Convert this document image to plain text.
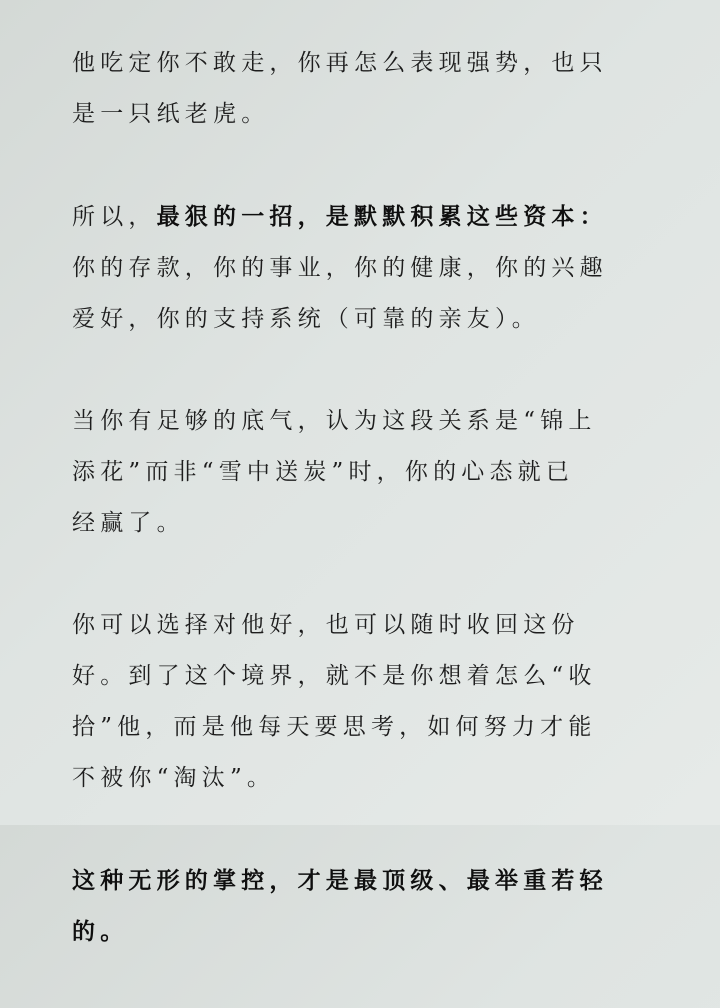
他吃定你不敢走，你再怎么表现强势，也只
是一只纸老虎。
所以，最狠的一招，是默默积累这些资本：
你的存款，你的事业，你的健康，你的兴趣
爱好，你的支持系统（可靠的亲友）。
当你有足够的底气，认为这段关系是“锦上
添花”而非“雪中送炭”时，你的心态就已
经赢了。
你可以选择对他好，也可以随时收回这份
好。到了这个境界，就不是你想着怎么“收
拾”他，而是他每天要思考，如何努力才能
不被你“淘汰”。
这种无形的掌控，才是最顶级、最举重若轻
的。
